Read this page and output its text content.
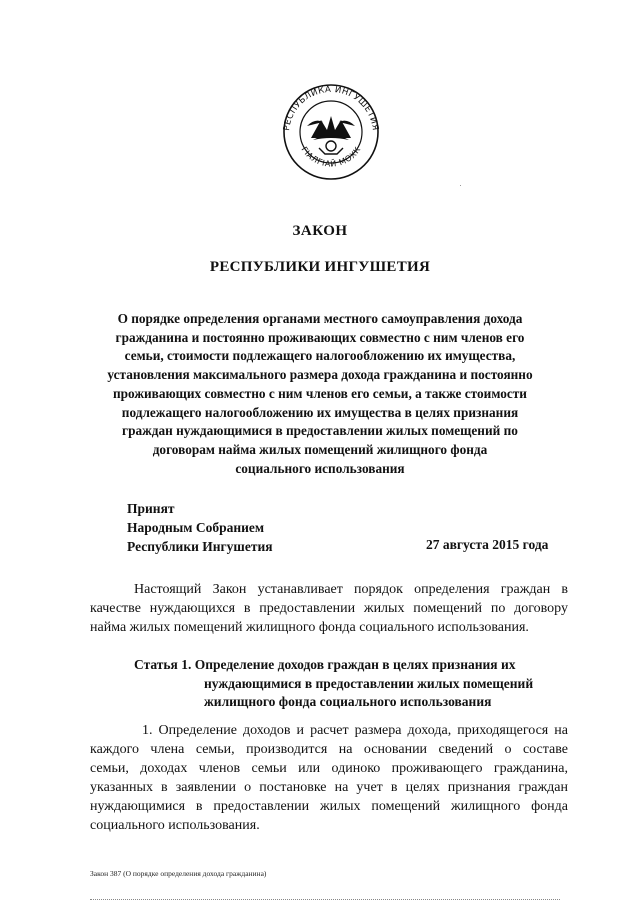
РЕСПУБЛИКА ИНГУШЕТИЯ
ГIАЛГIАЙ МОХК
ЗАКОН
РЕСПУБЛИКИ ИНГУШЕТИЯ
О порядке определения органами местного самоуправления дохода
гражданина и постоянно проживающих совместно с ним членов его
семьи, стоимости подлежащего налогообложению их имущества,
установления максимального размера дохода гражданина и постоянно
проживающих совместно с ним членов его семьи, а также стоимости
подлежащего налогообложению их имущества в целях признания
граждан нуждающимися в предоставлении жилых помещений по
договорам найма жилых помещений жилищного фонда
социального использования
Принят
Народным Собранием
Республики Ингушетия	27 августа 2015 года
Настоящий Закон устанавливает порядок определения граждан в
качестве нуждающихся в предоставлении жилых помещений по договору
найма жилых помещений жилищного фонда социального использования.
Статья 1. Определение доходов граждан в целях признания их
нуждающимися в предоставлении жилых помещений
жилищного фонда социального использования
1. Определение доходов и расчет размера дохода, приходящегося на
каждого члена семьи, производится на основании сведений о составе
семьи, доходах членов семьи или одиноко проживающего гражданина,
указанных в заявлении о постановке на учет в целях признания граждан
нуждающимися в предоставлении жилых помещений жилищного фонда
социального использования.
Закон 387 (О порядке определения дохода гражданина)
